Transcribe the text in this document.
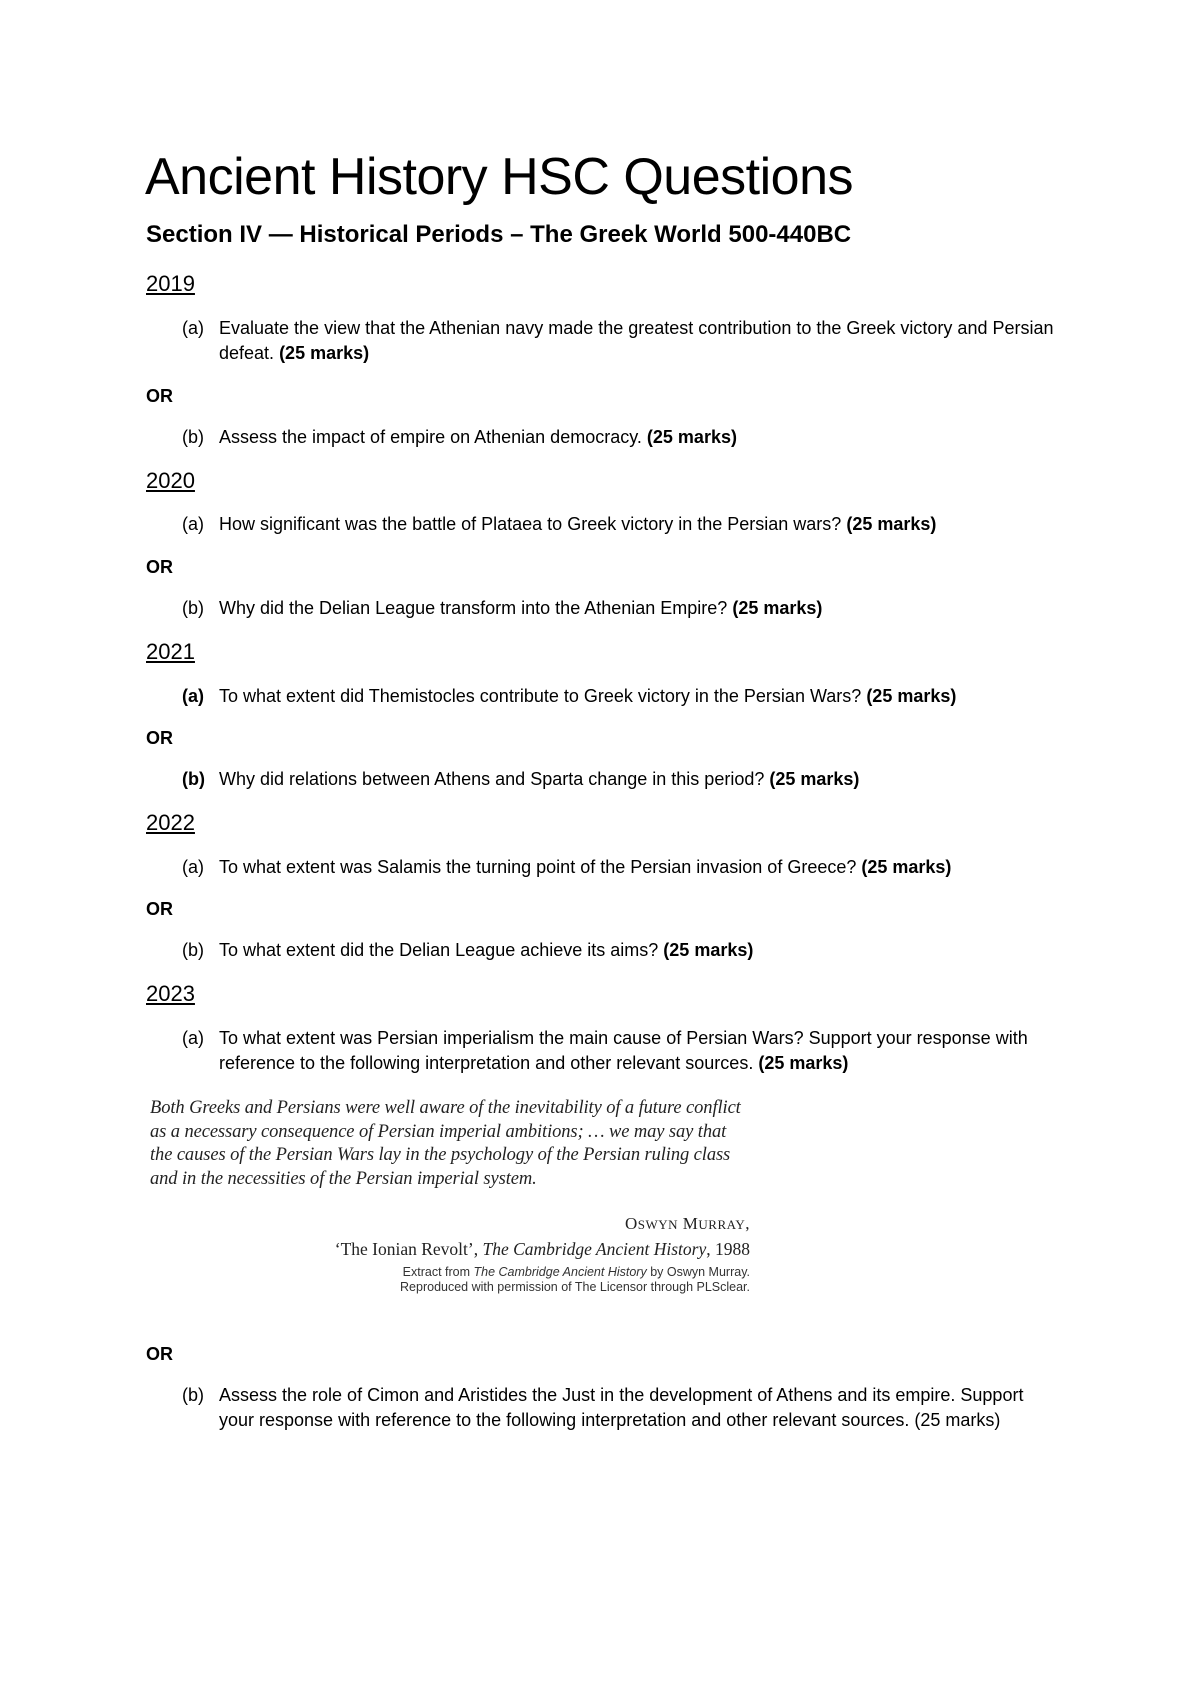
Ancient History HSC Questions
Section IV — Historical Periods – The Greek World 500-440BC
2019
(a) Evaluate the view that the Athenian navy made the greatest contribution to the Greek victory and Persian defeat. (25 marks)
OR
(b) Assess the impact of empire on Athenian democracy. (25 marks)
2020
(a) How significant was the battle of Plataea to Greek victory in the Persian wars? (25 marks)
OR
(b) Why did the Delian League transform into the Athenian Empire? (25 marks)
2021
(a) To what extent did Themistocles contribute to Greek victory in the Persian Wars? (25 marks)
OR
(b) Why did relations between Athens and Sparta change in this period? (25 marks)
2022
(a) To what extent was Salamis the turning point of the Persian invasion of Greece? (25 marks)
OR
(b) To what extent did the Delian League achieve its aims? (25 marks)
2023
(a) To what extent was Persian imperialism the main cause of Persian Wars? Support your response with reference to the following interpretation and other relevant sources. (25 marks)
Both Greeks and Persians were well aware of the inevitability of a future conflict as a necessary consequence of Persian imperial ambitions; … we may say that the causes of the Persian Wars lay in the psychology of the Persian ruling class and in the necessities of the Persian imperial system.
OSWYN MURRAY,
‘The Ionian Revolt’, The Cambridge Ancient History, 1988
Extract from The Cambridge Ancient History by Oswyn Murray.
Reproduced with permission of The Licensor through PLSclear.
OR
(b) Assess the role of Cimon and Aristides the Just in the development of Athens and its empire. Support your response with reference to the following interpretation and other relevant sources. (25 marks)
